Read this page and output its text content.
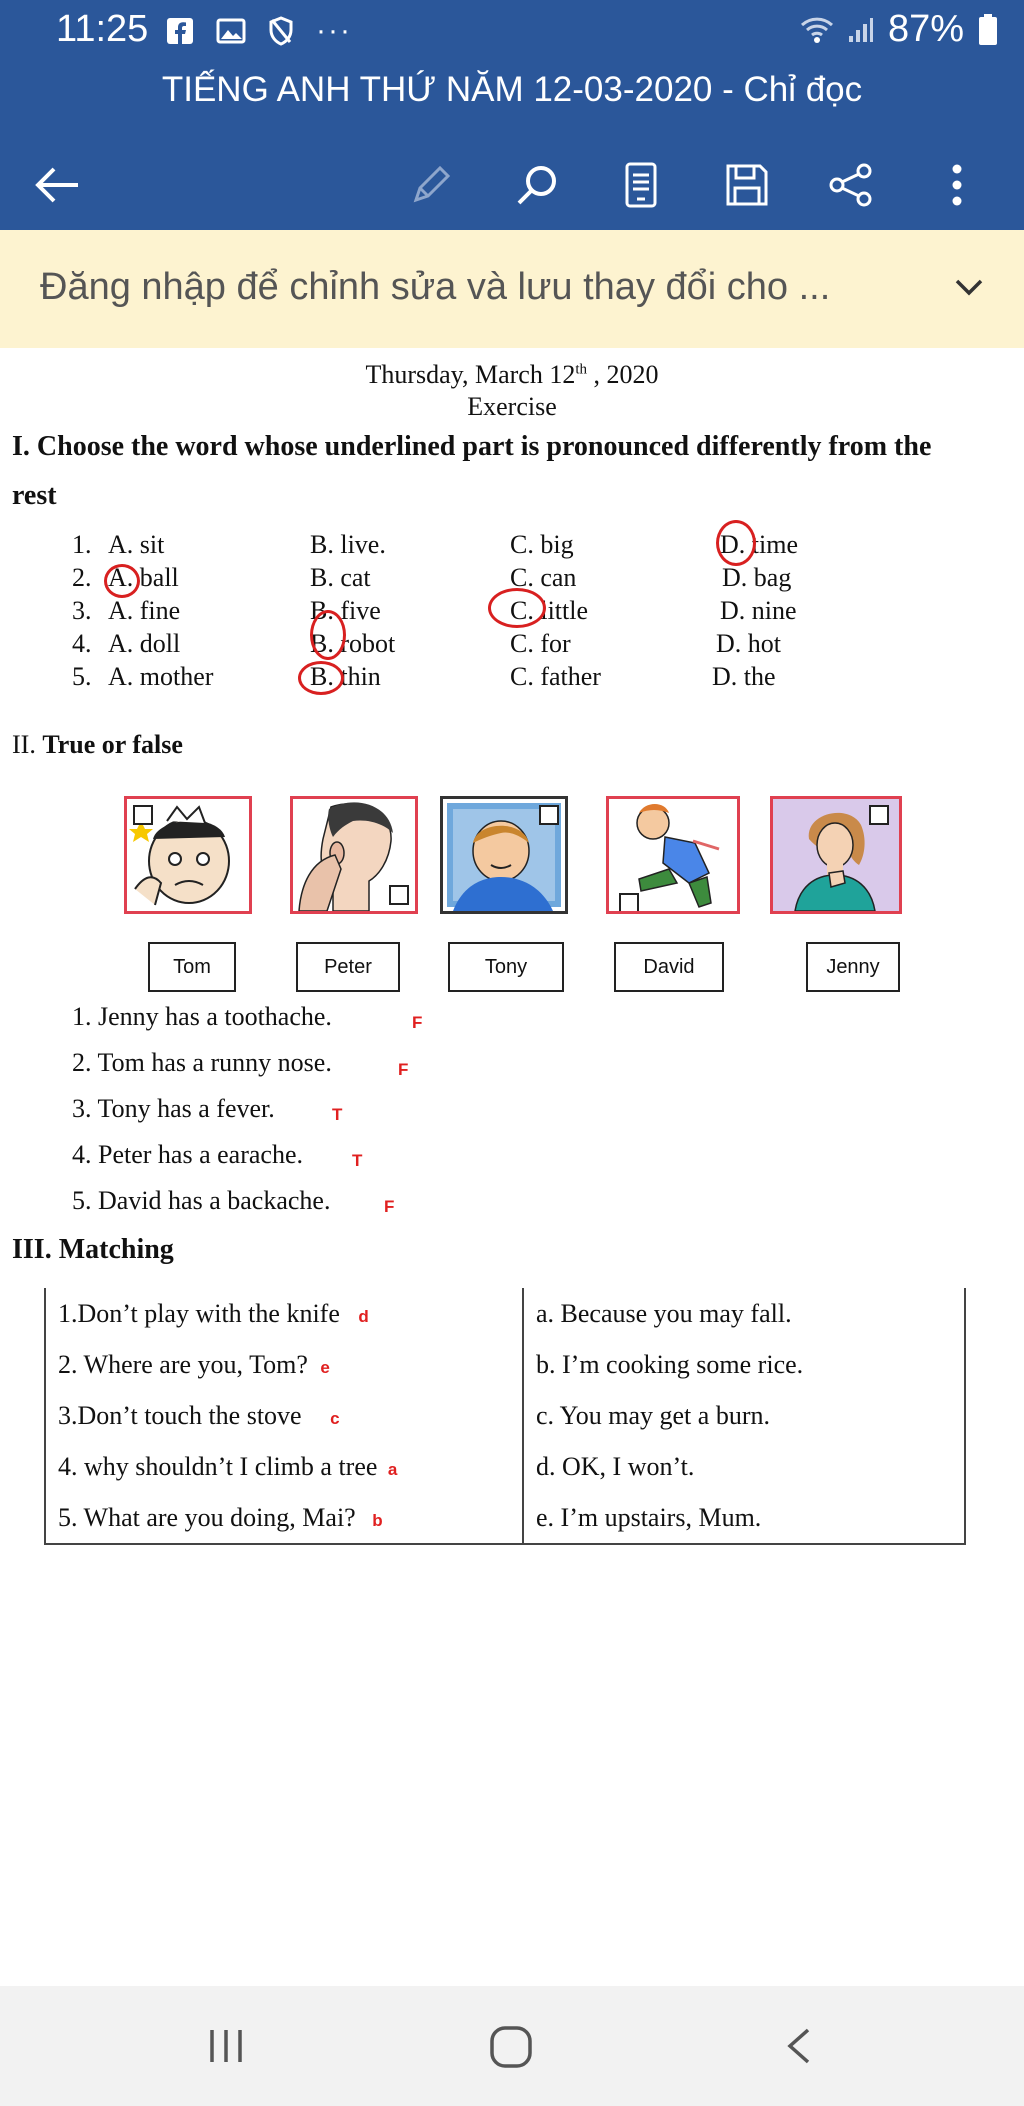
11:25	···	87%
TIẾNG ANH THỨ NĂM 12-03-2020 - Chỉ đọc
Đăng nhập để chỉnh sửa và lưu thay đổi cho ...
Thursday, March 12th , 2020
Exercise
I. Choose the word whose underlined part is pronounced differently from the
rest
1. A. sit	B. live.	C. big	D. time
2. A. ball	B. cat	C. can	D. bag
3. A. fine	B. five	C. little	D. nine
4. A. doll	B. robot	C. for	D. hot
5. A. mother	B. thin	C. father	D. the
II. True or false
Tom	Peter	Tony	David	Jenny
1. Jenny has a toothache.	F
2. Tom has a runny nose.	F
3. Tony has a fever.	T
4. Peter has a earache.	T
5. David has a backache.	F
III. Matching
1.Don’t play with the knife d	a. Because you may fall.
2. Where are you, Tom? e	b. I’m cooking some rice.
3.Don’t touch the stove c	c. You may get a burn.
4. why shouldn’t I climb a tree a	d. OK, I won’t.
5. What are you doing, Mai? b	e. I’m upstairs, Mum.
